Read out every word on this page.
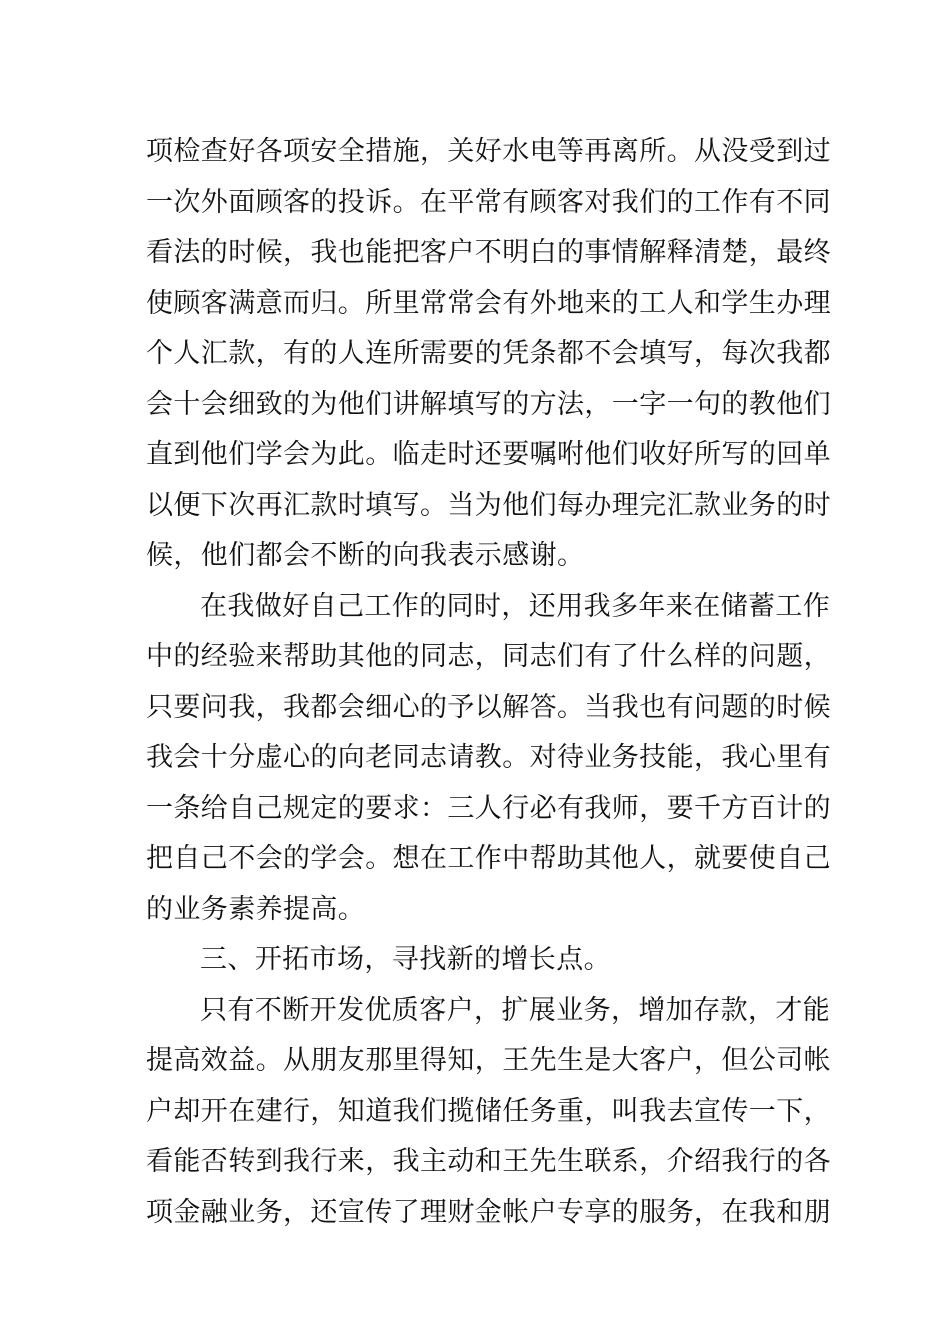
项检查好各项安全措施，关好水电等再离所。从没受到过
一次外面顾客的投诉。在平常有顾客对我们的工作有不同
看法的时候，我也能把客户不明白的事情解释清楚，最终
使顾客满意而归。所里常常会有外地来的工人和学生办理
个人汇款，有的人连所需要的凭条都不会填写，每次我都
会十会细致的为他们讲解填写的方法，一字一句的教他们
直到他们学会为此。临走时还要嘱咐他们收好所写的回单
以便下次再汇款时填写。当为他们每办理完汇款业务的时
候，他们都会不断的向我表示感谢。
在我做好自己工作的同时，还用我多年来在储蓄工作
中的经验来帮助其他的同志，同志们有了什么样的问题，
只要问我，我都会细心的予以解答。当我也有问题的时候
我会十分虚心的向老同志请教。对待业务技能，我心里有
一条给自己规定的要求：三人行必有我师，要千方百计的
把自己不会的学会。想在工作中帮助其他人，就要使自己
的业务素养提高。
三、开拓市场，寻找新的增长点。
只有不断开发优质客户，扩展业务，增加存款，才能
提高效益。从朋友那里得知，王先生是大客户，但公司帐
户却开在建行，知道我们揽储任务重，叫我去宣传一下，
看能否转到我行来，我主动和王先生联系，介绍我行的各
项金融业务，还宣传了理财金帐户专享的服务，在我和朋
